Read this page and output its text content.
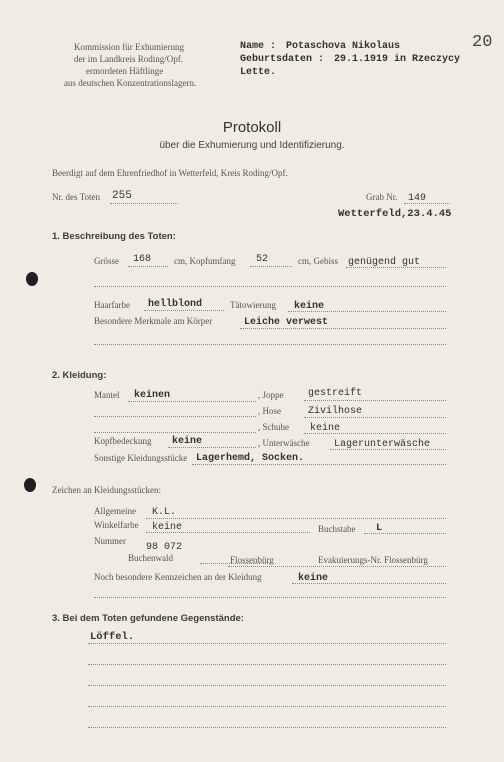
20
Kommission für Exhumierung
der im Landkreis Roding/Opf.
ermordeten Häftlinge
aus deutschen Konzentrationslagern.
Name : Potaschova Nikolaus
Geburtsdaten : 29.1.1919 in Rzeczycy
Lette.
Protokoll
über die Exhumierung und Identifizierung.
Beerdigt auf dem Ehrenfriedhof in Wetterfeld, Kreis Roding/Opf.
Nr. des Toten 255	Grab Nr. 149
Wetterfeld,23.4.45
1. Beschreibung des Toten:
Grösse 168	cm, Kopfumfang 52	cm, Gebiss genügend gut
Haarfarbe hellblond	Tätowierung keine
Besondere Merkmale am Körper	Leiche verwest
2. Kleidung:
Mantel keinen	, Joppe gestreift
, Hose	Zivilhose
, Schuhe keine
Kopfbedeckung keine	, Unterwäsche Lagerunterwäsche
Sonstige Kleidungsstücke Lagerhemd, Socken.
Zeichen an Kleidungsstücken:
Allgemeine K.L.
Winkelfarbe keine	Buchstabe L
Nummer
98 072
Buchenwald	Flossenbürg	Evakuierungs-Nr. Flossenbürg
Noch besondere Kennzeichen an der Kleidung	keine
3. Bei dem Toten gefundene Gegenstände:
Löffel.
